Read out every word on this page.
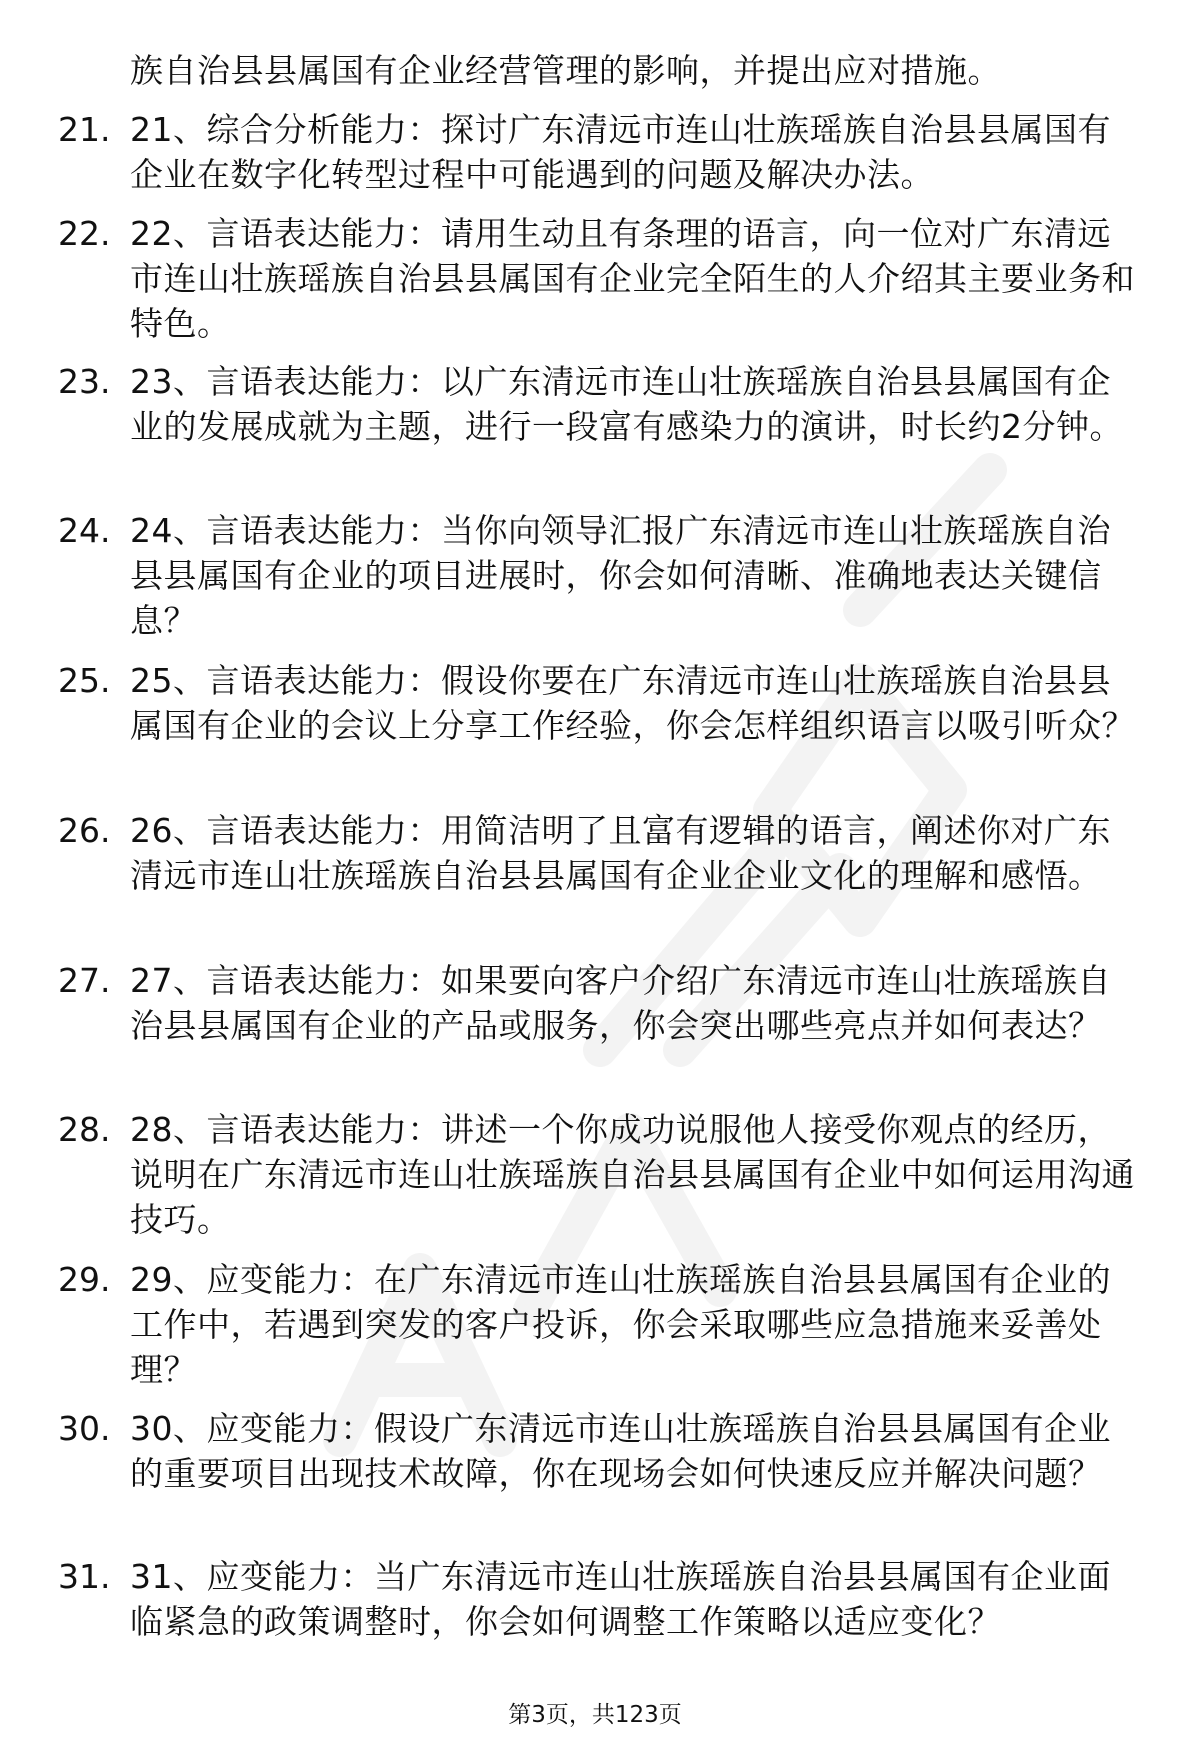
族自治县县属国有企业经营管理的影响，并提出应对措施。
21. 21、综合分析能力：探讨广东清远市连山壮族瑶族自治县县属国有企业在数字化转型过程中可能遇到的问题及解决办法。
22. 22、言语表达能力：请用生动且有条理的语言，向一位对广东清远市连山壮族瑶族自治县县属国有企业完全陌生的人介绍其主要业务和特色。
23. 23、言语表达能力：以广东清远市连山壮族瑶族自治县县属国有企业的发展成就为主题，进行一段富有感染力的演讲，时长约2分钟。
24. 24、言语表达能力：当你向领导汇报广东清远市连山壮族瑶族自治县县属国有企业的项目进展时，你会如何清晰、准确地表达关键信息？
25. 25、言语表达能力：假设你要在广东清远市连山壮族瑶族自治县县属国有企业的会议上分享工作经验，你会怎样组织语言以吸引听众？
26. 26、言语表达能力：用简洁明了且富有逻辑的语言，阐述你对广东清远市连山壮族瑶族自治县县属国有企业企业文化的理解和感悟。
27. 27、言语表达能力：如果要向客户介绍广东清远市连山壮族瑶族自治县县属国有企业的产品或服务，你会突出哪些亮点并如何表达？
28. 28、言语表达能力：讲述一个你成功说服他人接受你观点的经历，说明在广东清远市连山壮族瑶族自治县县属国有企业中如何运用沟通技巧。
29. 29、应变能力：在广东清远市连山壮族瑶族自治县县属国有企业的工作中，若遇到突发的客户投诉，你会采取哪些应急措施来妥善处理？
30. 30、应变能力：假设广东清远市连山壮族瑶族自治县县属国有企业的重要项目出现技术故障，你在现场会如何快速反应并解决问题？
31. 31、应变能力：当广东清远市连山壮族瑶族自治县县属国有企业面临紧急的政策调整时，你会如何调整工作策略以适应变化？
第3页，共123页
